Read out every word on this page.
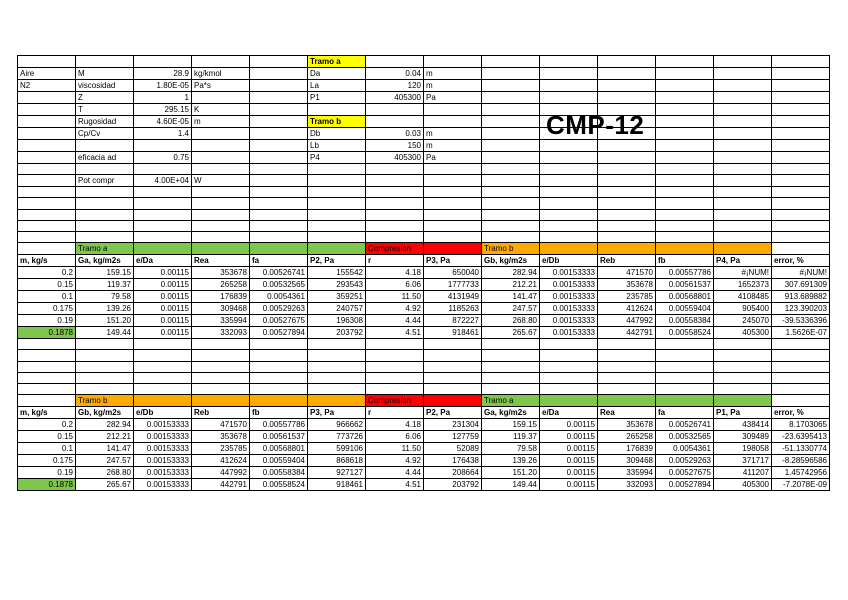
					Tramo a								
Aire	M	28.9	kg/kmol		Da	0.04	m						
N2	viscosidad	1.80E-05	Pa*s		La	120	m						
	Z	1			P1	405300	Pa						
	T	295.15	K										
	Rugosidad	4.60E-05	m		Tramo b								
	Cp/Cv	1.4			Db	0.03	m						
					Lb	150	m						
	eficacia ad	0.75			P4	405300	Pa						

	Pot compr	4.00E+04	W										

	Tramo a					Compresion		Tramo b					
m, kg/s	Ga, kg/m2s	e/Da	Rea	fa	P2, Pa	r	P3, Pa	Gb, kg/m2s	e/Db	Reb	fb	P4, Pa	error, %
0.2	159.15	0.00115	353678	0.00526741	155542	4.18	650040	282.94	0.00153333	471570	0.00557786	#¡NUM!	#¡NUM!
0.15	119.37	0.00115	265258	0.00532565	293543	6.06	1777733	212.21	0.00153333	353678	0.00561537	1652373	307.691309
0.1	79.58	0.00115	176839	0.0054361	359251	11.50	4131949	141.47	0.00153333	235785	0.00568801	4108485	913.689882
0.175	139.26	0.00115	309468	0.00529263	240757	4.92	1185263	247.57	0.00153333	412624	0.00559404	905400	123.390203
0.19	151.20	0.00115	335994	0.00527675	196308	4.44	872227	268.80	0.00153333	447992	0.00558384	245070	-39.5336396
0.1878	149.44	0.00115	332093	0.00527894	203792	4.51	918461	265.67	0.00153333	442791	0.00558524	405300	1.5626E-07

	Tramo b					Compresion		Tramo a					
m, kg/s	Gb, kg/m2s	e/Db	Reb	fb	P3, Pa	r	P2, Pa	Ga, kg/m2s	e/Da	Rea	fa	P1, Pa	error, %
0.2	282.94	0.00153333	471570	0.00557786	966662	4.18	231304	159.15	0.00115	353678	0.00526741	438414	8.1703065
0.15	212.21	0.00153333	353678	0.00561537	773726	6.06	127759	119.37	0.00115	265258	0.00532565	309489	-23.6395413
0.1	141.47	0.00153333	235785	0.00568801	599106	11.50	52089	79.58	0.00115	176839	0.0054361	198058	-51.1330774
0.175	247.57	0.00153333	412624	0.00559404	868618	4.92	176438	139.26	0.00115	309468	0.00529263	371717	-8.28596586
0.19	268.80	0.00153333	447992	0.00558384	927127	4.44	208664	151.20	0.00115	335994	0.00527675	411207	1.45742956
0.1878	265.67	0.00153333	442791	0.00558524	918461	4.51	203792	149.44	0.00115	332093	0.00527894	405300	-7.2078E-09
CMP-12
